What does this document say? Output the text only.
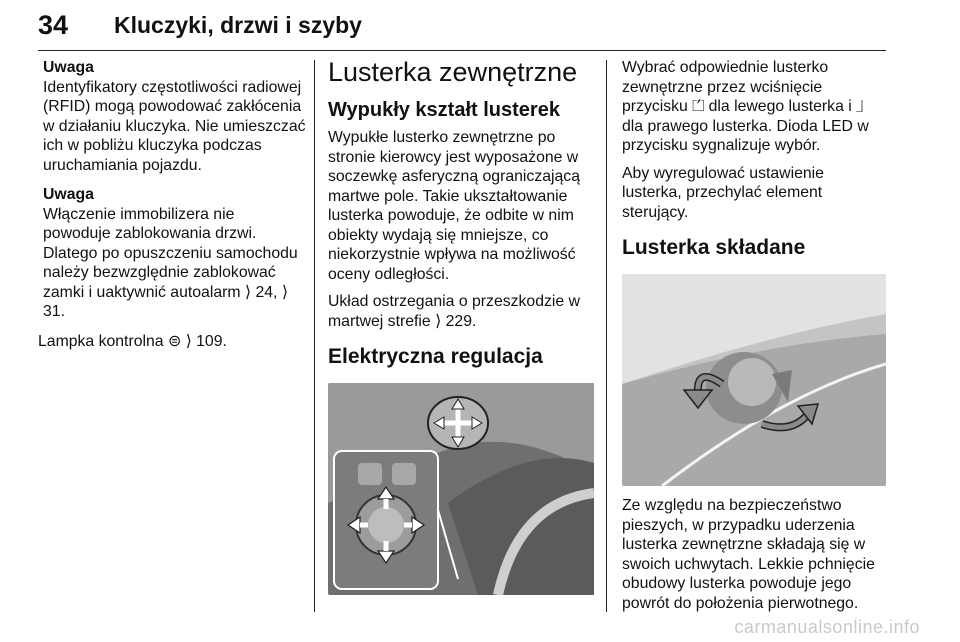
34 Kluczyki, drzwi i szyby
Uwaga

Identyfikatory częstotliwości radiowej (RFID) mogą powodować zakłócenia w działaniu kluczyka. Nie umieszczać ich w pobliżu kluczyka podczas uruchamiania pojazdu.

Uwaga

Włączenie immobilizera nie powoduje zablokowania drzwi. Dlatego po opuszczeniu samochodu należy bezwzględnie zablokować zamki i uaktywnić autoalarm ⟩ 24, ⟩ 31.

Lampka kontrolna ⊜ ⟩ 109.

Lusterka zewnętrzne
Wypukły kształt lusterek

Wypukłe lusterko zewnętrzne po stronie kierowcy jest wyposażone w soczewkę asferyczną ograniczającą martwe pole. Takie ukształtowanie lusterka powoduje, że odbite w nim obiekty wydają się mniejsze, co niekorzystnie wpływa na możliwość oceny odległości.

Układ ostrzegania o przeszkodzie w martwej strefie ⟩ 229.

Elektryczna regulacja

Wybrać odpowiednie lusterko zewnętrzne przez wciśnięcie przycisku ⏍ dla lewego lusterka i ⏌ dla prawego lusterka. Dioda LED w przycisku sygnalizuje wybór.

Aby wyregulować ustawienie lusterka, przechylać element sterujący.

Lusterka składane

Ze względu na bezpieczeństwo pieszych, w przypadku uderzenia lusterka zewnętrzne składają się w swoich uchwytach. Lekkie pchnięcie obudowy lusterka powoduje jego powrót do położenia pierwotnego.

carmanualsonline.info
